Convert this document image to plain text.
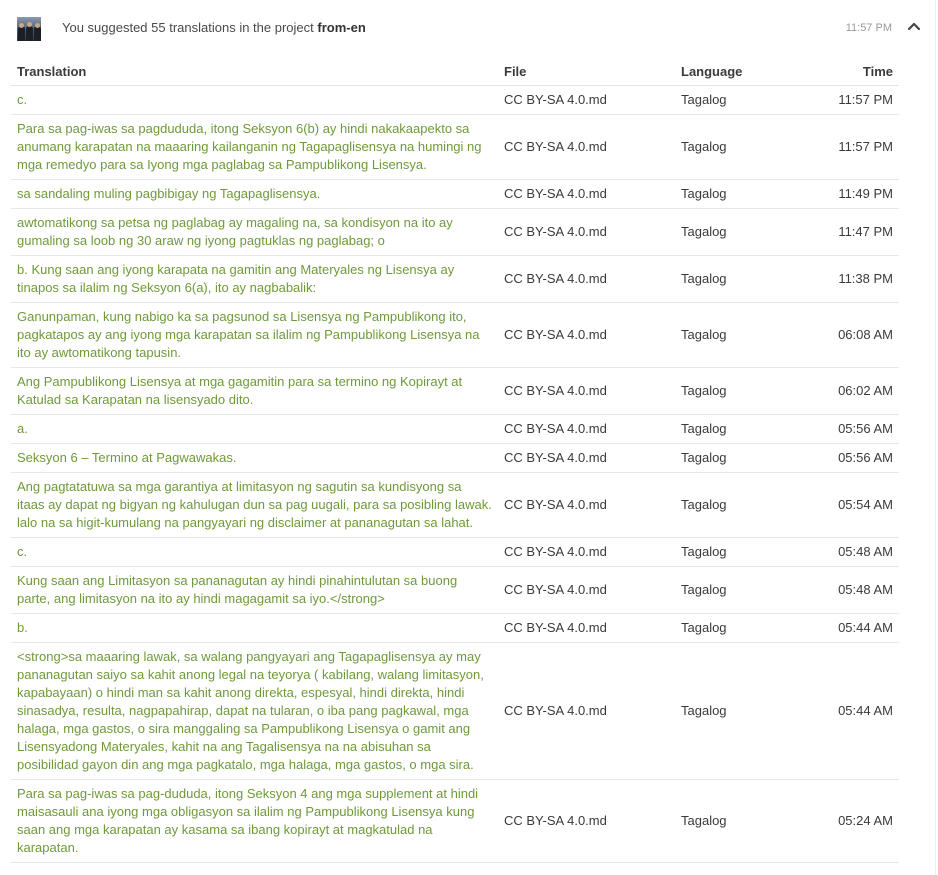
You suggested 55 translations in the project from-en	11:57 PM
Translation	File	Language	Time
c.	CC BY-SA 4.0.md	Tagalog	11:57 PM
Para sa pag-iwas sa pagdududa, itong Seksyon 6(b) ay hindi nakakaapekto sa anumang karapatan na maaaring kailanganin ng Tagapaglisensya na humingi ng mga remedyo para sa Iyong mga paglabag sa Pampublikong Lisensya.	CC BY-SA 4.0.md	Tagalog	11:57 PM
sa sandaling muling pagbibigay ng Tagapaglisensya.	CC BY-SA 4.0.md	Tagalog	11:49 PM
awtomatikong sa petsa ng paglabag ay magaling na, sa kondisyon na ito ay gumaling sa loob ng 30 araw ng iyong pagtuklas ng paglabag; o	CC BY-SA 4.0.md	Tagalog	11:47 PM
b. Kung saan ang iyong karapata na gamitin ang Materyales ng Lisensya ay tinapos sa ilalim ng Seksyon 6(a), ito ay nagbabalik:	CC BY-SA 4.0.md	Tagalog	11:38 PM
Ganunpaman, kung nabigo ka sa pagsunod sa Lisensya ng Pampublikong ito, pagkatapos ay ang iyong mga karapatan sa ilalim ng Pampublikong Lisensya na ito ay awtomatikong tapusin.	CC BY-SA 4.0.md	Tagalog	06:08 AM
Ang Pampublikong Lisensya at mga gagamitin para sa termino ng Kopirayt at Katulad sa Karapatan na lisensyado dito.	CC BY-SA 4.0.md	Tagalog	06:02 AM
a.	CC BY-SA 4.0.md	Tagalog	05:56 AM
Seksyon 6 – Termino at Pagwawakas.	CC BY-SA 4.0.md	Tagalog	05:56 AM
Ang pagtatatuwa sa mga garantiya at limitasyon ng sagutin sa kundisyong sa itaas ay dapat ng bigyan ng kahulugan dun sa pag uugali, para sa posibling lawak. lalo na sa higit-kumulang na pangyayari ng disclaimer at pananagutan sa lahat.	CC BY-SA 4.0.md	Tagalog	05:54 AM
c.	CC BY-SA 4.0.md	Tagalog	05:48 AM
Kung saan ang Limitasyon sa pananagutan ay hindi pinahintulutan sa buong parte, ang limitasyon na ito ay hindi magagamit sa iyo.</strong>	CC BY-SA 4.0.md	Tagalog	05:48 AM
b.	CC BY-SA 4.0.md	Tagalog	05:44 AM
<strong>sa maaaring lawak, sa walang pangyayari ang Tagapaglisensya ay may pananagutan saiyo sa kahit anong legal na teyorya ( kabilang, walang limitasyon, kapabayaan) o hindi man sa kahit anong direkta, espesyal, hindi direkta, hindi sinasadya, resulta, nagpapahirap, dapat na tularan, o iba pang pagkawal, mga halaga, mga gastos, o sira manggaling sa Pampublikong Lisensya o gamit ang Lisensyadong Materyales, kahit na ang Tagalisensya na na abisuhan sa posibilidad gayon din ang mga pagkatalo, mga halaga, mga gastos, o mga sira.	CC BY-SA 4.0.md	Tagalog	05:44 AM
Para sa pag-iwas sa pag-dududa, itong Seksyon 4 ang mga supplement at hindi maisasauli ana iyong mga obligasyon sa ilalim ng Pampublikong Lisensya kung saan ang mga karapatan ay kasama sa ibang kopirayt at magkatulad na karapatan.	CC BY-SA 4.0.md	Tagalog	05:24 AM
